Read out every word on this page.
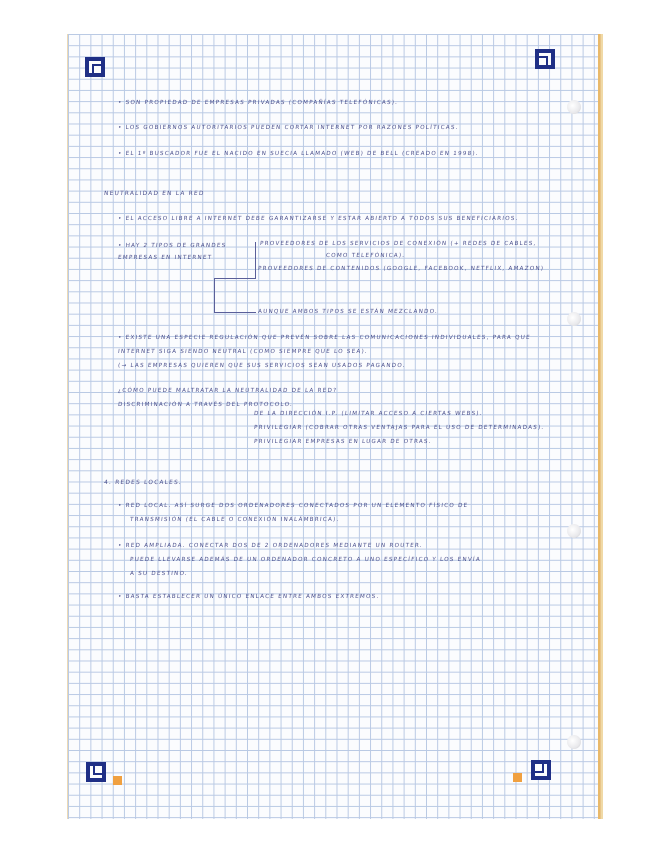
• SON PROPIEDAD DE EMPRESAS PRIVADAS (COMPAÑÍAS TELEFÓNICAS).
• LOS GOBIERNOS AUTORITARIOS PUEDEN CORTAR INTERNET POR RAZONES POLÍTICAS.
• EL 1º BUSCADOR FUE EL NACIDO EN SUECIA LLAMADO (WEB) DE BELL (CREADO EN 1998).
NEUTRALIDAD EN LA RED
• EL ACCESO LIBRE A INTERNET DEBE GARANTIZARSE Y ESTAR ABIERTO A TODOS SUS BENEFICIARIOS.
• HAY 2 TIPOS DE GRANDES
EMPRESAS EN INTERNET
PROVEEDORES DE LOS SERVICIOS DE CONEXIÓN (+ REDES DE CABLES,
COMO TELEFÓNICA).
PROVEEDORES DE CONTENIDOS (GOOGLE, FACEBOOK, NETFLIX, AMAZON)
AUNQUE AMBOS TIPOS SE ESTÁN MEZCLANDO.
• EXISTE UNA ESPECIE REGULACIÓN QUE PREVÉN SOBRE LAS COMUNICACIONES INDIVIDUALES, PARA QUE
INTERNET SIGA SIENDO NEUTRAL (COMO SIEMPRE QUE LO SEA).
(→ LAS EMPRESAS QUIEREN QUE SUS SERVICIOS SEAN USADOS PAGANDO.
¿CÓMO PUEDE MALTRATAR LA NEUTRALIDAD DE LA RED?
DISCRIMINACIÓN A TRAVÉS DEL PROTOCOLO.
DE LA DIRECCIÓN I.P. (LIMITAR ACCESO A CIERTAS WEBS).
PRIVILEGIAR (COBRAR OTRAS VENTAJAS PARA EL USO DE DETERMINADAS).
PRIVILEGIAR EMPRESAS EN LUGAR DE OTRAS.
4. REDES LOCALES.
• RED LOCAL. ASÍ SURGE DOS ORDENADORES CONECTADOS POR UN ELEMENTO FÍSICO DE
TRANSMISIÓN (EL CABLE O CONEXIÓN INALÁMBRICA).
• RED AMPLIADA. CONECTAR DOS DE 2 ORDENADORES MEDIANTE UN ROUTER.
PUEDE LLEVARSE ADEMÁS DE UN ORDENADOR CONCRETO A UNO ESPECÍFICO Y LOS ENVÍA
A SU DESTINO.
• BASTA ESTABLECER UN ÚNICO ENLACE ENTRE AMBOS EXTREMOS.
